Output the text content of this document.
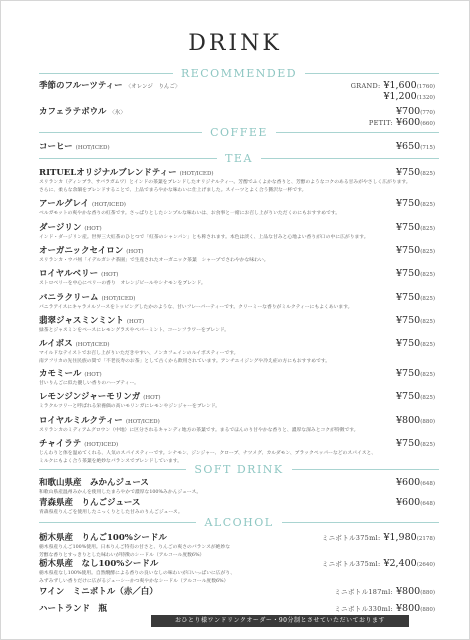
DRINK
RECOMMENDED
季節のフルーツティー 〈オレンジ　りんご〉	GRAND: ¥1,600(1760)
¥1,200(1320)
カフェラテボウル 〈氷〉	¥700(770)
PETIT: ¥600(660)
COFFEE
コーヒー (HOT/ICED)	¥650(715)
TEA
RITUELオリジナルブレンドティー (HOT/ICED)	¥750(825)
スリランカ（ディンブラ、サバラガムワ）とインドの茶葉をブレンドしたオリジナルティー。芳醇でふくよかな香りと、芳醇のようなコクのある甘みがやさしく広がります。
さらに、柔らな余韻をブレンドすることで、上品でまろやかな味わいに仕上げました。スイーツとよく合う贅沢な一杯です。
アールグレイ (HOT/ICED)	¥750(825)
ベルガモットの爽やかな香りの紅茶です。さっぱりとしたシンプルな味わいは、お食事と一緒にお召し上がりいただくのにもおすすめです。
ダージリン (HOT)	¥750(825)
インド・ダージリン産。世界三大紅茶のひとつで「紅茶のシャンパン」とも称されます。本色は淡く、上品な甘みと心地よい香りが口の中に広がります。
オーガニックセイロン (HOT)	¥750(825)
スリランカ・ウバ州「イデルガシナ茶園」で生産されたオーガニック茶葉　シャープでさわやかな味わい。
ロイヤルベリー (HOT)	¥750(825)
ストロベリーを中心にベリーの香り　オレンジピールやシナモンをブレンド。
バニラクリーム (HOT/ICED)	¥750(825)
バニラアイスにキャラメルソースをトッピングしたかのような、甘いフレーバーティーです。クリーミーな香りがミルクティーにもよくあいます。
翡翠ジャスミンミント (HOT)	¥750(825)
緑茶とジャスミンをベースにレモングラスやペパーミント、コーンフラワーをブレンド。
ルイボス (HOT/ICED)	¥750(825)
マイルドなテイストでお召し上がりいただきやすい、ノンカフェインのルイボスティーです。
南アフリカの先住民族の間で「不老長寿のお茶」として古くから飲用されています。アンチエイジングや冷え症の方にもおすすめです。
カモミール (HOT)	¥750(825)
甘いりんごに似た優しい香りのハーブティー。
レモンジンジャーモリンガ (HOT)	¥750(825)
ミラクルツリーと呼ばれる栄養価の高いモリンガにレモンやジンジャーをブレンド。
ロイヤルミルクティー (HOT/ICED)	¥800(880)
スリランカのミディアムグロウン（中地）に区分されるキャンディ地方の茶葉です。まるでほんのり甘やかな香りと、濃厚な深みとコクが特徴です。
チャイラテ (HOT/ICED)	¥750(825)
じんわりと体を温めてくれる、人気のスパイスティーです。シナモン、ジンジャー、クローブ、ナツメグ、カルダモン、ブラックペッパーなどのスパイスと、
ミルクにもよく合う茶葉を絶妙なバランスでブレンドしています。
SOFT DRINK
和歌山県産　みかんジュース	¥600(648)
和歌山県産温州みかんを使用したまろやかで濃厚な100%みかんジュース。
青森県産　りんごジュース	¥600(648)
青森県産りんごを使用したこっくりとした甘みのりんごジュース。
ALCOHOL
栃木県産　りんご100%シードル	ミニボトル375ml: ¥1,980(2178)
栃木県産りんご100%使用。日本りんご特有の甘さと、りんごの爽さのバランスが絶妙な
芳醇な香りとすっきりとした味わいが特徴のシードル（アルコール度数6%）
栃木県産　なし100%シードル	ミニボトル375ml: ¥2,400(2640)
栃木県産なし100%使用。自然醗酵による香りの良いなしの味わいが口いっぱいに広がり、
みずみずしい香りだけに広がるジューシーかつ爽やかなシードル（アルコール度数6%）
ワイン　ミニボトル（赤／白）	ミニボトル187ml: ¥800(880)
ハートランド　瓶	ミニボトル330ml: ¥800(880)
おひとり様ワンドリンクオーダー・90分制とさせていただいております
